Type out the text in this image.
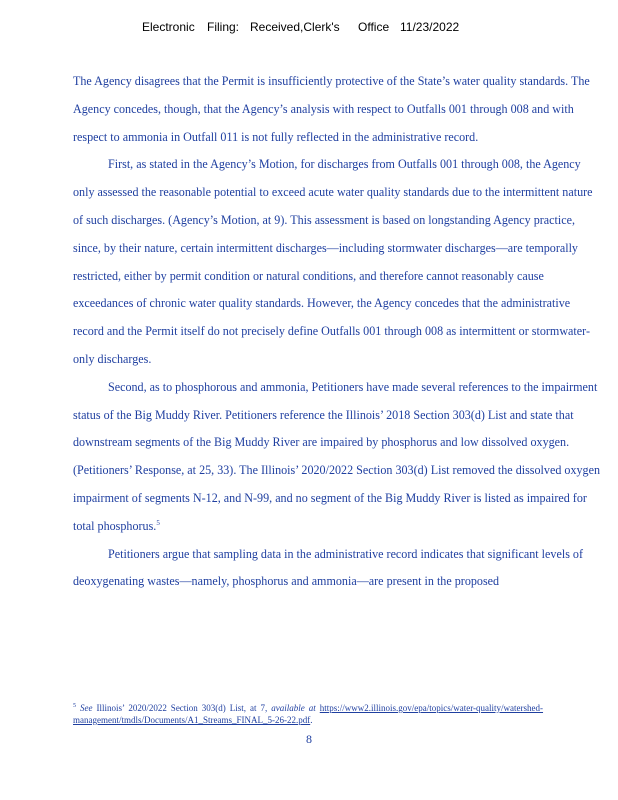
Electronic Filing: Received,Clerk's Office 11/23/2022

The Agency disagrees that the Permit is insufficiently protective of the State’s water quality standards. The Agency concedes, though, that the Agency’s analysis with respect to Outfalls 001 through 008 and with respect to ammonia in Outfall 011 is not fully reflected in the administrative record.

First, as stated in the Agency’s Motion, for discharges from Outfalls 001 through 008, the Agency only assessed the reasonable potential to exceed acute water quality standards due to the intermittent nature of such discharges. (Agency’s Motion, at 9). This assessment is based on longstanding Agency practice, since, by their nature, certain intermittent discharges—including stormwater discharges—are temporally restricted, either by permit condition or natural conditions, and therefore cannot reasonably cause exceedances of chronic water quality standards. However, the Agency concedes that the administrative record and the Permit itself do not precisely define Outfalls 001 through 008 as intermittent or stormwater-only discharges.

Second, as to phosphorous and ammonia, Petitioners have made several references to the impairment status of the Big Muddy River. Petitioners reference the Illinois’ 2018 Section 303(d) List and state that downstream segments of the Big Muddy River are impaired by phosphorus and low dissolved oxygen. (Petitioners’ Response, at 25, 33). The Illinois’ 2020/2022 Section 303(d) List removed the dissolved oxygen impairment of segments N-12, and N-99, and no segment of the Big Muddy River is listed as impaired for total phosphorus.$^5$

Petitioners argue that sampling data in the administrative record indicates that significant levels of deoxygenating wastes—namely, phosphorus and ammonia—are present in the proposed

$^5$ See Illinois’ 2020/2022 Section 303(d) List, at 7, available at https://www2.illinois.gov/epa/topics/water-quality/watershed-management/tmdls/Documents/A1_Streams_FINAL_5-26-22.pdf.
8
